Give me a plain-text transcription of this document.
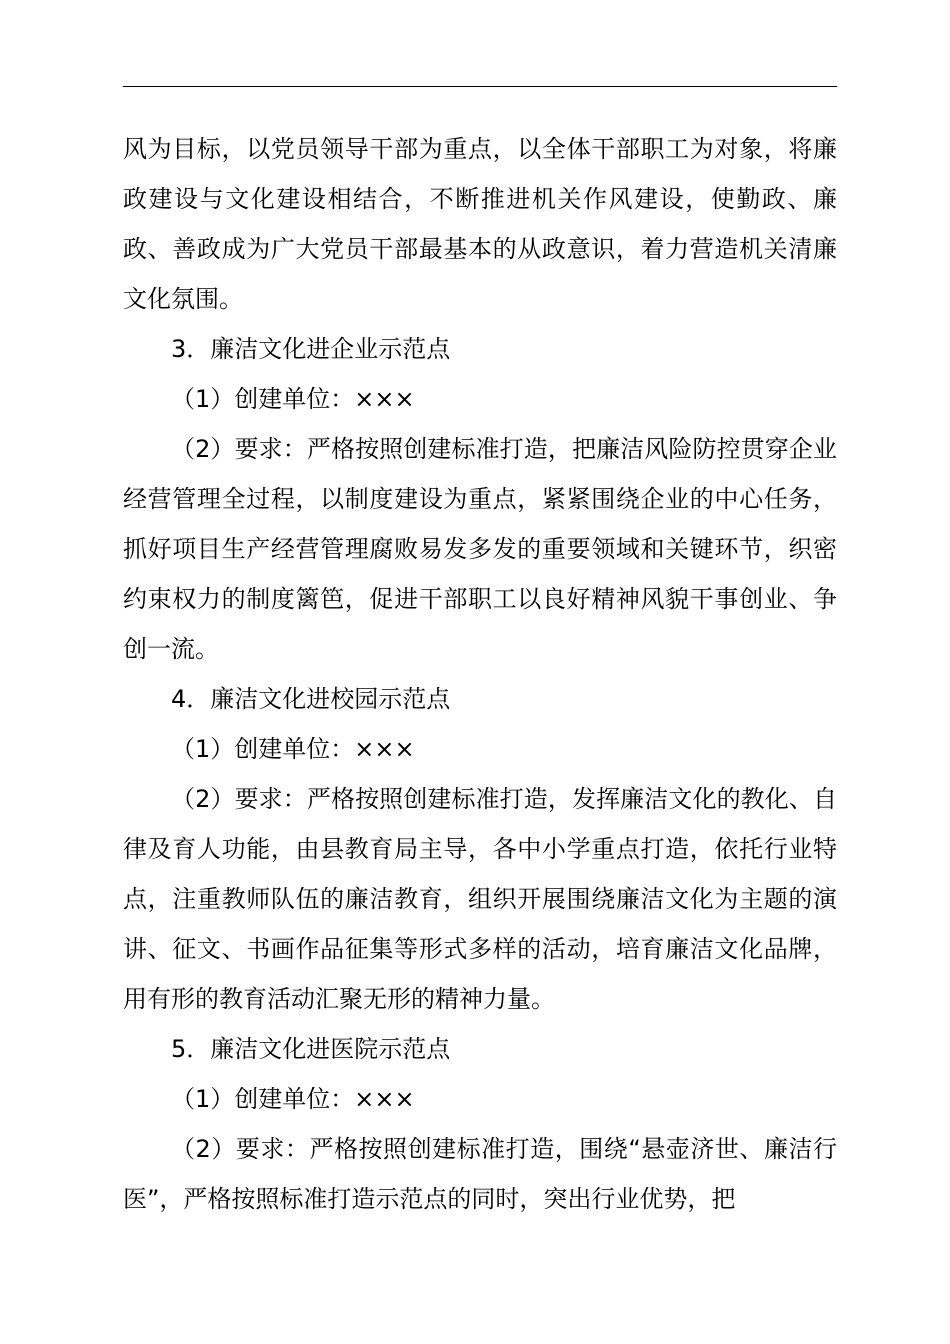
风为目标，以党员领导干部为重点，以全体干部职工为对象，将廉政建设与文化建设相结合，不断推进机关作风建设，使勤政、廉政、善政成为广大党员干部最基本的从政意识，着力营造机关清廉文化氛围。

3．廉洁文化进企业示范点

（1）创建单位：×××

（2）要求：严格按照创建标准打造，把廉洁风险防控贯穿企业经营管理全过程，以制度建设为重点，紧紧围绕企业的中心任务，抓好项目生产经营管理腐败易发多发的重要领域和关键环节，织密约束权力的制度篱笆，促进干部职工以良好精神风貌干事创业、争创一流。

4．廉洁文化进校园示范点

（1）创建单位：×××

（2）要求：严格按照创建标准打造，发挥廉洁文化的教化、自律及育人功能，由县教育局主导，各中小学重点打造，依托行业特点，注重教师队伍的廉洁教育，组织开展围绕廉洁文化为主题的演讲、征文、书画作品征集等形式多样的活动，培育廉洁文化品牌，用有形的教育活动汇聚无形的精神力量。

5．廉洁文化进医院示范点

（1）创建单位：×××

（2）要求：严格按照创建标准打造，围绕“悬壶济世、廉洁行医”，严格按照标准打造示范点的同时，突出行业优势，把
